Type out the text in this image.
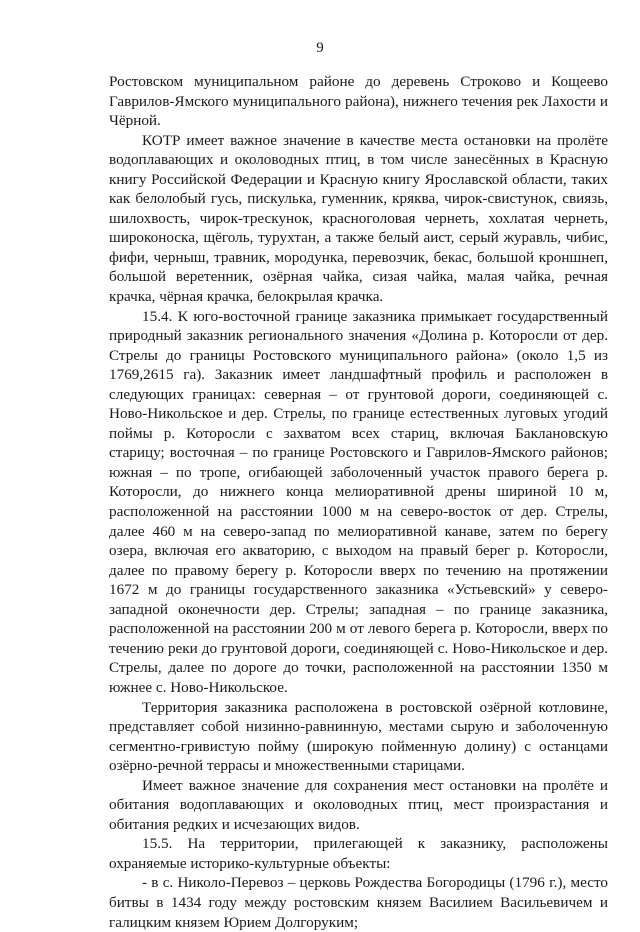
9

Ростовском муниципальном районе до деревень Строково и Кощеево Гаврилов-Ямского муниципального района), нижнего течения рек Лахости и Чёрной.

КОТР имеет важное значение в качестве места остановки на пролёте водоплавающих и околоводных птиц, в том числе занесённых в Красную книгу Российской Федерации и Красную книгу Ярославской области, таких как белолобый гусь, пискулька, гуменник, кряква, чирок-свистунок, свиязь, шилохвость, чирок-трескунок, красноголовая чернеть, хохлатая чернеть, широконоска, щёголь, турухтан, а также белый аист, серый журавль, чибис, фифи, черныш, травник, мородунка, перевозчик, бекас, большой кроншнеп, большой веретенник, озёрная чайка, сизая чайка, малая чайка, речная крачка, чёрная крачка, белокрылая крачка.

15.4. К юго-восточной границе заказника примыкает государственный природный заказник регионального значения «Долина р. Которосли от дер. Стрелы до границы Ростовского муниципального района» (около 1,5 из 1769,2615 га). Заказник имеет ландшафтный профиль и расположен в следующих границах: северная – от грунтовой дороги, соединяющей с. Ново-Никольское и дер. Стрелы, по границе естественных луговых угодий поймы р. Которосли с захватом всех стариц, включая Баклановскую старицу; восточная – по границе Ростовского и Гаврилов-Ямского районов; южная – по тропе, огибающей заболоченный участок правого берега р. Которосли, до нижнего конца мелиоративной дрены шириной 10 м, расположенной на расстоянии 1000 м на северо-восток от дер. Стрелы, далее 460 м на северо-запад по мелиоративной канаве, затем по берегу озера, включая его акваторию, с выходом на правый берег р. Которосли, далее по правому берегу р. Которосли вверх по течению на протяжении 1672 м до границы государственного заказника «Устьевский» у северо-западной оконечности дер. Стрелы; западная – по границе заказника, расположенной на расстоянии 200 м от левого берега р. Которосли, вверх по течению реки до грунтовой дороги, соединяющей с. Ново-Никольское и дер. Стрелы, далее по дороге до точки, расположенной на расстоянии 1350 м южнее с. Ново-Никольское.

Территория заказника расположена в ростовской озёрной котловине, представляет собой низинно-равнинную, местами сырую и заболоченную сегментно-гривистую пойму (широкую пойменную долину) с останцами озёрно-речной террасы и множественными старицами.

Имеет важное значение для сохранения мест остановки на пролёте и обитания водоплавающих и околоводных птиц, мест произрастания и обитания редких и исчезающих видов.

15.5. На территории, прилегающей к заказнику, расположены охраняемые историко-культурные объекты:

- в с. Николо-Перевоз – церковь Рождества Богородицы (1796 г.), место битвы в 1434 году между ростовским князем Василием Васильевичем и галицким князем Юрием Долгоруким;
